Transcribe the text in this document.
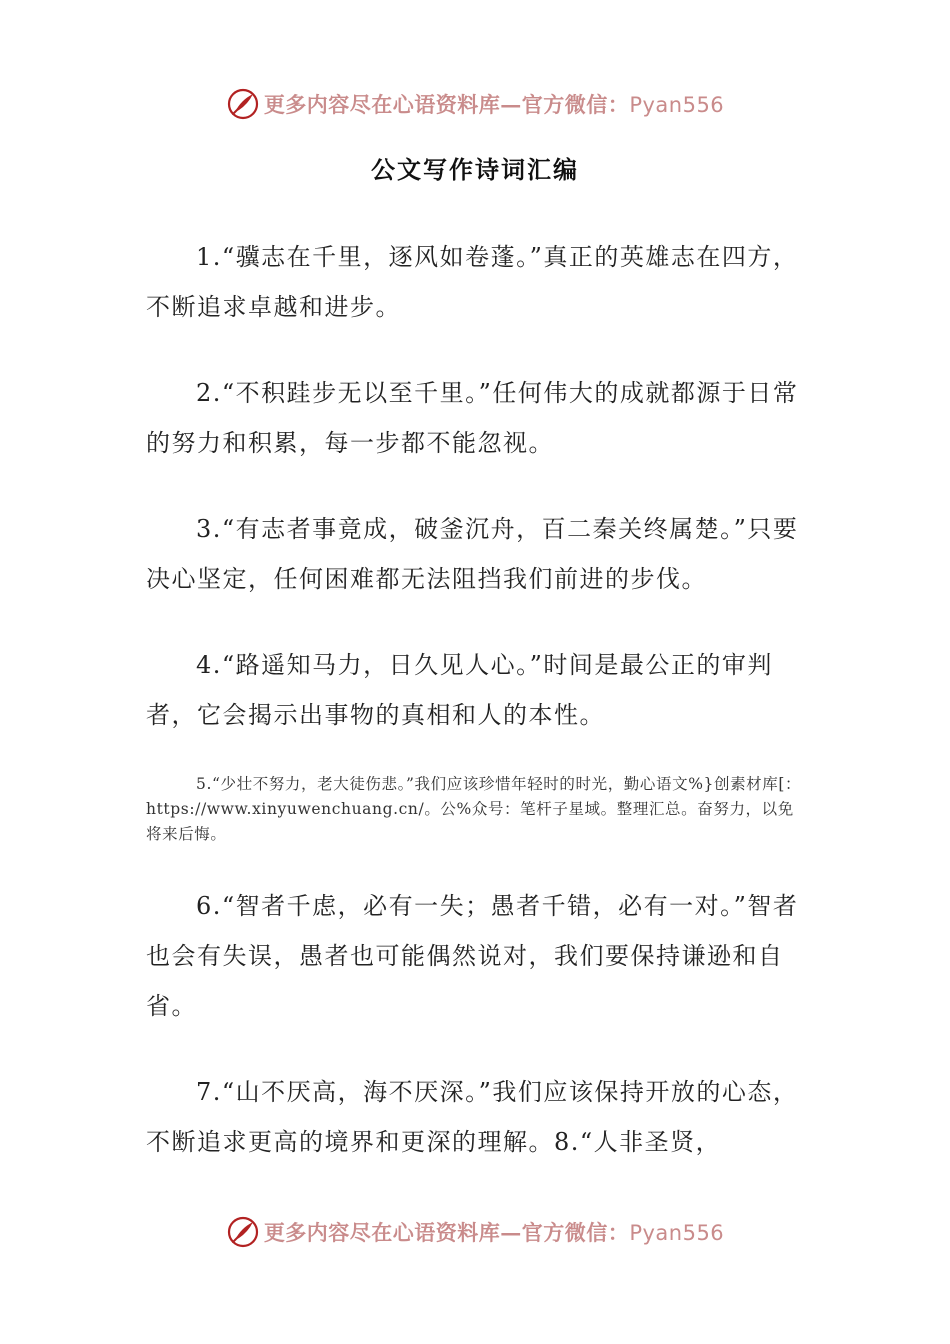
更多内容尽在心语资料库—官方微信：Pyan556
公文写作诗词汇编

1.“骥志在千里，逐风如卷蓬。”真正的英雄志在四方，不断追求卓越和进步。

2.“不积跬步无以至千里。”任何伟大的成就都源于日常的努力和积累，每一步都不能忽视。

3.“有志者事竟成，破釜沉舟，百二秦关终属楚。”只要决心坚定，任何困难都无法阻挡我们前进的步伐。

4.“路遥知马力，日久见人心。”时间是最公正的审判者，它会揭示出事物的真相和人的本性。

5.“少壮不努力，老大徒伤悲。”我们应该珍惜年轻时的时光，勤心语文%}创素材库[：https://www.xinyuwenchuang.cn/。公%众号：笔杆子星域。整理汇总。奋努力，以免将来后悔。

6.“智者千虑，必有一失；愚者千错，必有一对。”智者也会有失误，愚者也可能偶然说对，我们要保持谦逊和自省。

7.“山不厌高，海不厌深。”我们应该保持开放的心态，不断追求更高的境界和更深的理解。8.“人非圣贤，

更多内容尽在心语资料库—官方微信：Pyan556
